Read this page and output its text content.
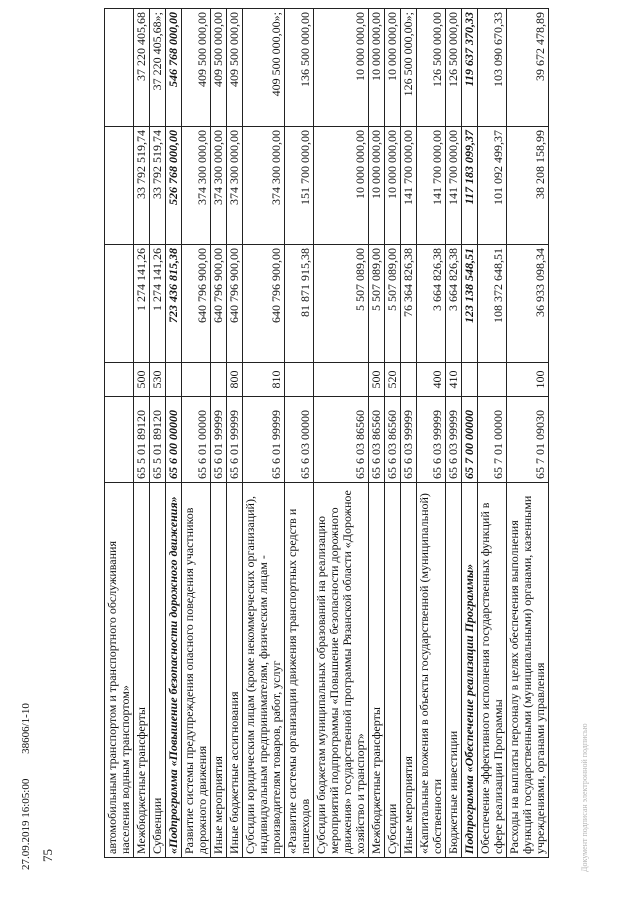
75
автомобильным транспортом и транспортного обслуживания населения водным транспортом»					
Межбюджетные трансферты	65 5 01 89120	500	1 274 141,26	33 792 519,74	37 220 405,68
Субвенции	65 5 01 89120	530	1 274 141,26	33 792 519,74	37 220 405,68»;
«Подпрограмма «Повышение безопасности дорожного движения»	65 6 00 00000		723 436 815,38	526 768 000,00	546 768 000,00
Развитие системы предупреждения опасного поведения участников дорожного движения	65 6 01 00000		640 796 900,00	374 300 000,00	409 500 000,00
Иные мероприятия	65 6 01 99999		640 796 900,00	374 300 000,00	409 500 000,00
Иные бюджетные ассигнования	65 6 01 99999	800	640 796 900,00	374 300 000,00	409 500 000,00
Субсидии юридическим лицам (кроме некоммерческих организаций), индивидуальным предпринимателям, физическим лицам - производителям товаров, работ, услуг	65 6 01 99999	810	640 796 900,00	374 300 000,00	409 500 000,00»;
«Развитие системы организации движения транспортных средств и пешеходов	65 6 03 00000		81 871 915,38	151 700 000,00	136 500 000,00
Субсидии бюджетам муниципальных образований на реализацию мероприятий подпрограммы «Повышение безопасности дорожного движения» государственной программы Рязанской области «Дорожное хозяйство и транспорт»	65 6 03 86560		5 507 089,00	10 000 000,00	10 000 000,00
Межбюджетные трансферты	65 6 03 86560	500	5 507 089,00	10 000 000,00	10 000 000,00
Субсидии	65 6 03 86560	520	5 507 089,00	10 000 000,00	10 000 000,00
Иные мероприятия	65 6 03 99999		76 364 826,38	141 700 000,00	126 500 000,00»;
«Капитальные вложения в объекты государственной (муниципальной) собственности	65 6 03 99999	400	3 664 826,38	141 700 000,00	126 500 000,00
Бюджетные инвестиции	65 6 03 99999	410	3 664 826,38	141 700 000,00	126 500 000,00
Подпрограмма «Обеспечение реализации Программы»	65 7 00 00000		123 138 548,51	117 183 099,37	119 637 370,33
Обеспечение эффективного исполнения государственных функций в сфере реализации Программы	65 7 01 00000		108 372 648,51	101 092 499,37	103 090 670,33
Расходы на выплаты персоналу в целях обеспечения выполнения функций государственными (муниципальными) органами, казенными учреждениями, органами управления	65 7 01 09030	100	36 933 098,34	38 208 158,99	39 672 478,89
27.09.2019 16:05:00 38606/1-10	Документ подписан электронной подписью
